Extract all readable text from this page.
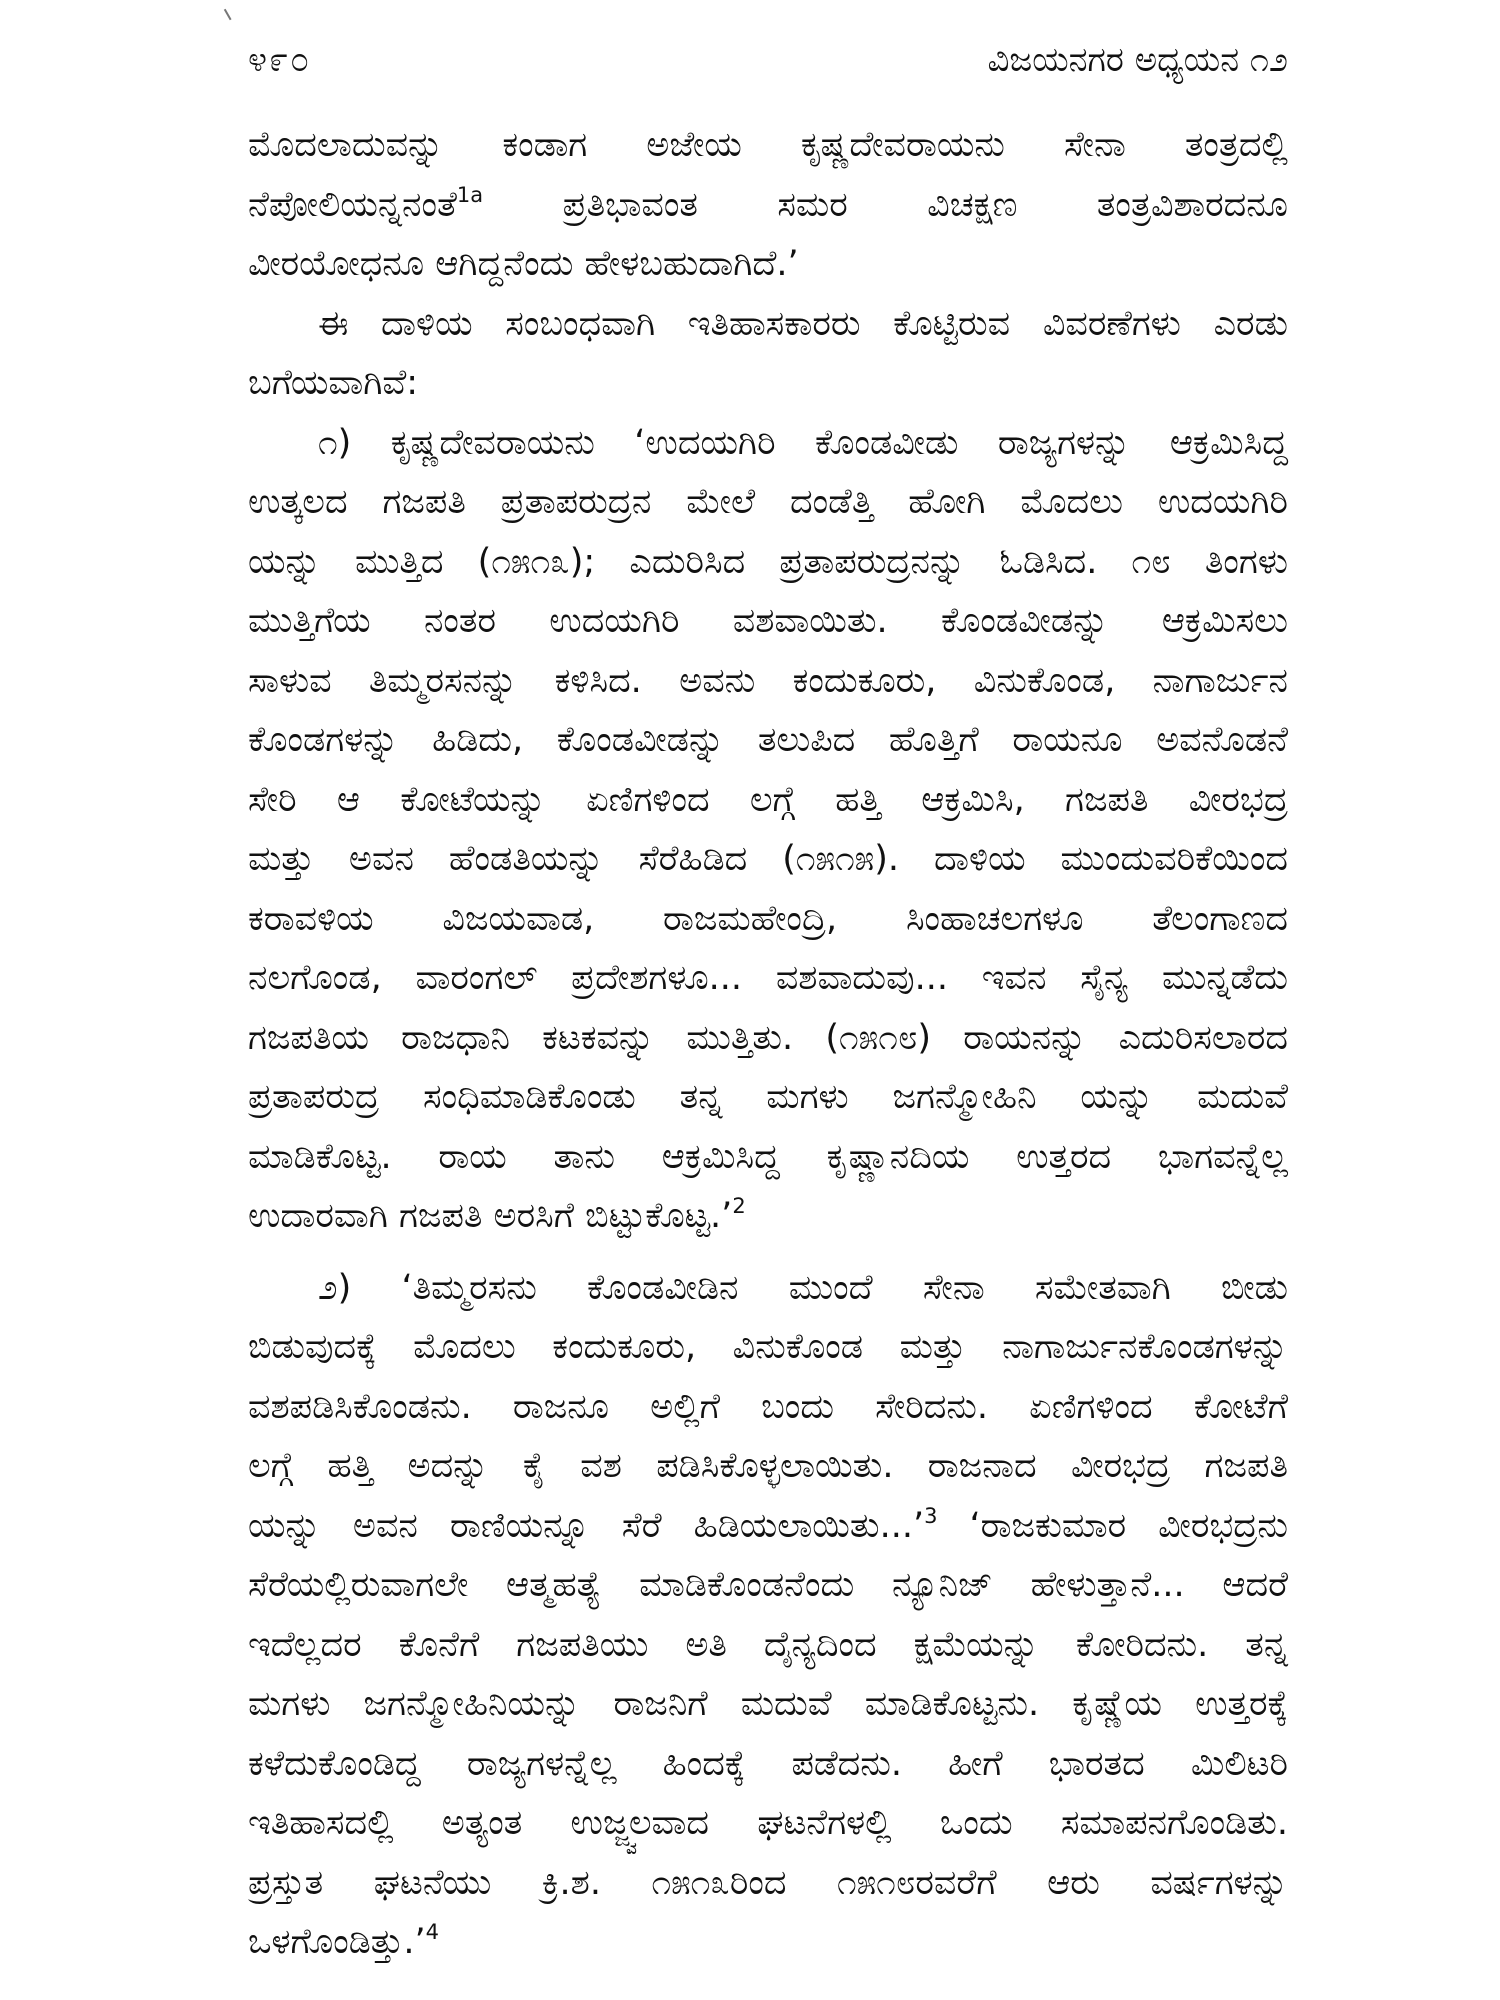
೪೯೦	ವಿಜಯನಗರ ಅಧ್ಯಯನ ೧೨
ಮೊದಲಾದುವನ್ನು ಕಂಡಾಗ ಅಜೇಯ ಕೃಷ್ಣದೇವರಾಯನು ಸೇನಾ ತಂತ್ರದಲ್ಲಿ
ನೆಪೋಲಿಯನ್ನನಂತೆ$^{1a}$ ಪ್ರತಿಭಾವಂತ ಸಮರ ವಿಚಕ್ಷಣ ತಂತ್ರವಿಶಾರದನೂ
ವೀರಯೋಧನೂ ಆಗಿದ್ದನೆಂದು ಹೇಳಬಹುದಾಗಿದೆ.’
ಈ ದಾಳಿಯ ಸಂಬಂಧವಾಗಿ ಇತಿಹಾಸಕಾರರು ಕೊಟ್ಟಿರುವ ವಿವರಣೆಗಳು ಎರಡು
ಬಗೆಯವಾಗಿವೆ:
೧) ಕೃಷ್ಣದೇವರಾಯನು ‘ಉದಯಗಿರಿ ಕೊಂಡವೀಡು ರಾಜ್ಯಗಳನ್ನು ಆಕ್ರಮಿಸಿದ್ದ
ಉತ್ಕಲದ ಗಜಪತಿ ಪ್ರತಾಪರುದ್ರನ ಮೇಲೆ ದಂಡೆತ್ತಿ ಹೋಗಿ ಮೊದಲು ಉದಯಗಿರಿ
ಯನ್ನು ಮುತ್ತಿದ (೧೫೧೩); ಎದುರಿಸಿದ ಪ್ರತಾಪರುದ್ರನನ್ನು ಓಡಿಸಿದ. ೧೮ ತಿಂಗಳು
ಮುತ್ತಿಗೆಯ ನಂತರ ಉದಯಗಿರಿ ವಶವಾಯಿತು. ಕೊಂಡವೀಡನ್ನು ಆಕ್ರಮಿಸಲು
ಸಾಳುವ ತಿಮ್ಮರಸನನ್ನು ಕಳಿಸಿದ. ಅವನು ಕಂದುಕೂರು, ವಿನುಕೊಂಡ, ನಾಗಾರ್ಜುನ
ಕೊಂಡಗಳನ್ನು ಹಿಡಿದು, ಕೊಂಡವೀಡನ್ನು ತಲುಪಿದ ಹೊತ್ತಿಗೆ ರಾಯನೂ ಅವನೊಡನೆ
ಸೇರಿ ಆ ಕೋಟೆಯನ್ನು ಏಣಿಗಳಿಂದ ಲಗ್ಗೆ ಹತ್ತಿ ಆಕ್ರಮಿಸಿ, ಗಜಪತಿ ವೀರಭದ್ರ
ಮತ್ತು ಅವನ ಹೆಂಡತಿಯನ್ನು ಸೆರೆಹಿಡಿದ (೧೫೧೫). ದಾಳಿಯ ಮುಂದುವರಿಕೆಯಿಂದ
ಕರಾವಳಿಯ ವಿಜಯವಾಡ, ರಾಜಮಹೇಂದ್ರಿ, ಸಿಂಹಾಚಲಗಳೂ ತೆಲಂಗಾಣದ
ನಲಗೊಂಡ, ವಾರಂಗಲ್ ಪ್ರದೇಶಗಳೂ... ವಶವಾದುವು... ಇವನ ಸೈನ್ಯ ಮುನ್ನಡೆದು
ಗಜಪತಿಯ ರಾಜಧಾನಿ ಕಟಕವನ್ನು ಮುತ್ತಿತು. (೧೫೧೮) ರಾಯನನ್ನು ಎದುರಿಸಲಾರದ
ಪ್ರತಾಪರುದ್ರ ಸಂಧಿಮಾಡಿಕೊಂಡು ತನ್ನ ಮಗಳು ಜಗನ್ಮೋಹಿನಿ ಯನ್ನು ಮದುವೆ
ಮಾಡಿಕೊಟ್ಟ. ರಾಯ ತಾನು ಆಕ್ರಮಿಸಿದ್ದ ಕೃಷ್ಣಾನದಿಯ ಉತ್ತರದ ಭಾಗವನ್ನೆಲ್ಲ
ಉದಾರವಾಗಿ ಗಜಪತಿ ಅರಸಿಗೆ ಬಿಟ್ಟುಕೊಟ್ಟ.’$^2$
೨) ‘ತಿಮ್ಮರಸನು ಕೊಂಡವೀಡಿನ ಮುಂದೆ ಸೇನಾ ಸಮೇತವಾಗಿ ಬೀಡು
ಬಿಡುವುದಕ್ಕೆ ಮೊದಲು ಕಂದುಕೂರು, ವಿನುಕೊಂಡ ಮತ್ತು ನಾಗಾರ್ಜುನಕೊಂಡಗಳನ್ನು
ವಶಪಡಿಸಿಕೊಂಡನು. ರಾಜನೂ ಅಲ್ಲಿಗೆ ಬಂದು ಸೇರಿದನು. ಏಣಿಗಳಿಂದ ಕೋಟೆಗೆ
ಲಗ್ಗೆ ಹತ್ತಿ ಅದನ್ನು ಕೈ ವಶ ಪಡಿಸಿಕೊಳ್ಳಲಾಯಿತು. ರಾಜನಾದ ವೀರಭದ್ರ ಗಜಪತಿ
ಯನ್ನು ಅವನ ರಾಣಿಯನ್ನೂ ಸೆರೆ ಹಿಡಿಯಲಾಯಿತು...’$^3$ ‘ರಾಜಕುಮಾರ ವೀರಭದ್ರನು
ಸೆರೆಯಲ್ಲಿರುವಾಗಲೇ ಆತ್ಮಹತ್ಯೆ ಮಾಡಿಕೊಂಡನೆಂದು ನ್ಯೂನಿಜ್ ಹೇಳುತ್ತಾನೆ... ಆದರೆ
ಇದೆಲ್ಲದರ ಕೊನೆಗೆ ಗಜಪತಿಯು ಅತಿ ದೈನ್ಯದಿಂದ ಕ್ಷಮೆಯನ್ನು ಕೋರಿದನು. ತನ್ನ
ಮಗಳು ಜಗನ್ಮೋಹಿನಿಯನ್ನು ರಾಜನಿಗೆ ಮದುವೆ ಮಾಡಿಕೊಟ್ಟನು. ಕೃಷ್ಣೆಯ ಉತ್ತರಕ್ಕೆ
ಕಳೆದುಕೊಂಡಿದ್ದ ರಾಜ್ಯಗಳನ್ನೆಲ್ಲ ಹಿಂದಕ್ಕೆ ಪಡೆದನು. ಹೀಗೆ ಭಾರತದ ಮಿಲಿಟರಿ
ಇತಿಹಾಸದಲ್ಲಿ ಅತ್ಯಂತ ಉಜ್ಜ್ವಲವಾದ ಘಟನೆಗಳಲ್ಲಿ ಒಂದು ಸಮಾಪನಗೊಂಡಿತು.
ಪ್ರಸ್ತುತ ಘಟನೆಯು ಕ್ರಿ.ಶ. ೧೫೧೩ರಿಂದ ೧೫೧೮ರವರೆಗೆ ಆರು ವರ್ಷಗಳನ್ನು
ಒಳಗೊಂಡಿತ್ತು.’$^4$
